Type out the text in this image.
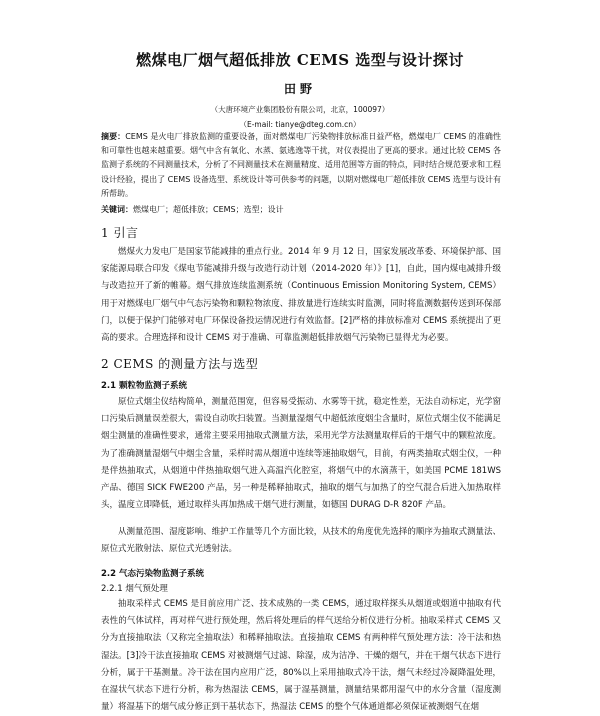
燃煤电厂烟气超低排放 CEMS 选型与设计探讨
田野
（大唐环境产业集团股份有限公司，北京，100097）
（E-mail: tianye@dteg.com.cn）
摘要：CEMS 是火电厂排放监测的重要设备，面对燃煤电厂污染物排放标准日益严格，燃煤电厂 CEMS 的准确性和可靠性也越来越重要。烟气中含有氧化、水蒸、氨逃逸等干扰，对仪表提出了更高的要求。通过比较 CEMS 各监测子系统的不同测量技术，分析了不同测量技术在测量精度、适用范围等方面的特点，同时结合规范要求和工程设计经验，提出了 CEMS 设备选型、系统设计等可供参考的问题，以期对燃煤电厂超低排放 CEMS 选型与设计有所帮助。
关键词：燃煤电厂；超低排放；CEMS；选型；设计
1 引言
燃煤火力发电厂是国家节能减排的重点行业。2014 年 9 月 12 日，国家发展改革委、环境保护部、国家能源局联合印发《煤电节能减排升级与改造行动计划（2014-2020 年）》[1]，自此，国内煤电减排升级与改造拉开了新的帷幕。烟气排放连续监测系统（Continuous Emission Monitoring System, CEMS）用于对燃煤电厂烟气中气态污染物和颗粒物浓度、排放量进行连续实时监测，同时将监测数据传送到环保部门，以便于保护门能够对电厂环保设备投运情况进行有效监督。[2]严格的排放标准对 CEMS 系统提出了更高的要求。合理选择和设计 CEMS 对于准确、可靠监测超低排放烟气污染物已显得尤为必要。
2 CEMS 的测量方法与选型
2.1 颗粒物监测子系统
原位式烟尘仪结构简单，测量范围宽，但容易受振动、水雾等干扰，稳定性差，无法自动标定，光学窗口污染后测量误差很大，需设自动吹扫装置。当测量湿烟气中超低浓度烟尘含量时，原位式烟尘仪不能满足烟尘测量的准确性要求，通常主要采用抽取式测量方法，采用光学方法测量取样后的干烟气中的颗粒浓度。为了准确测量湿烟气中烟尘含量，采样时需从烟道中连续等速抽取烟气，目前，有两类抽取式烟尘仪，一种是伴热抽取式，从烟道中伴热抽取烟气进入高温汽化腔室，将烟气中的水滴蒸干，如美国 PCME 181WS 产品、德国 SICK FWE200 产品，另一种是稀释抽取式，抽取的烟气与加热了的空气混合后进入加热取样头，温度立即降低，通过取样头再加热成干烟气进行测量，如德国 DURAG D-R 820F 产品。
从测量范围、湿度影响、维护工作量等几个方面比较，从技术的角度优先选择的顺序为抽取式测量法、原位式光散射法、原位式光透射法。
2.2 气态污染物监测子系统
2.2.1 烟气预处理
抽取采样式 CEMS 是目前应用广泛、技术成熟的一类 CEMS，通过取样探头从烟道或烟道中抽取有代表性的气体试样，再对样气进行预处理，然后将处理后的样气送给分析仪进行分析。抽取采样式 CEMS 又分为直接抽取法（又称完全抽取法）和稀释抽取法。直接抽取 CEMS 有两种样气预处理方法：冷干法和热湿法。[3]冷干法直接抽取 CEMS 对被测烟气过滤、除湿，成为洁净、干燥的烟气，并在干烟气状态下进行分析，属于干基测量。冷干法在国内应用广泛，80%以上采用抽取式冷干法，烟气未经过冷凝降温处理，在湿状气状态下进行分析，称为热湿法 CEMS，属于湿基测量，测量结果都用湿气中的水分含量（湿度测量）将湿基下的烟气成分修正到干基状态下，热湿法 CEMS 的整个气体通道都必须保证被测烟气在烟
